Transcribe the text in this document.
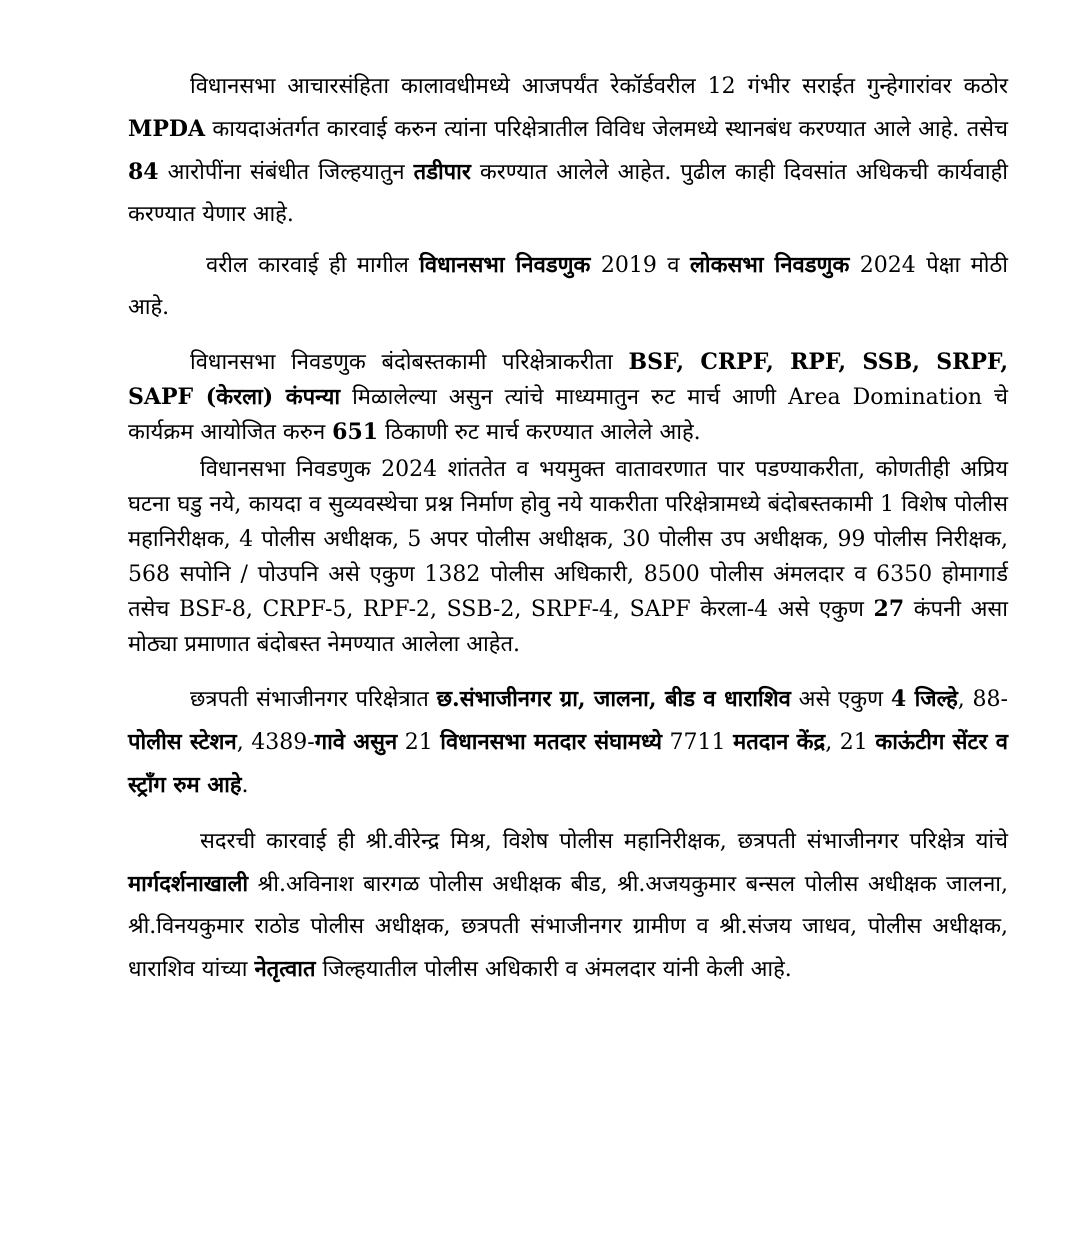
विधानसभा आचारसंहिता कालावधीमध्ये आजपर्यंत रेकॉर्डवरील 12 गंभीर सराईत गुन्हेगारांवर कठोर MPDA कायदाअंतर्गत कारवाई करुन त्यांना परिक्षेत्रातील विविध जेलमध्ये स्थानबंध करण्यात आले आहे. तसेच 84 आरोपींना संबंधीत जिल्हयातुन तडीपार करण्यात आलेले आहेत. पुढील काही दिवसांत अधिकची कार्यवाही करण्यात येणार आहे.

वरील कारवाई ही मागील विधानसभा निवडणुक 2019 व लोकसभा निवडणुक 2024 पेक्षा मोठी आहे.

विधानसभा निवडणुक बंदोबस्तकामी परिक्षेत्राकरीता BSF, CRPF, RPF, SSB, SRPF, SAPF (केरला) कंपन्या मिळालेल्या असुन त्यांचे माध्यमातुन रुट मार्च आणी Area Domination चे कार्यक्रम आयोजित करुन 651 ठिकाणी रुट मार्च करण्यात आलेले आहे.

विधानसभा निवडणुक 2024 शांततेत व भयमुक्त वातावरणात पार पडण्याकरीता, कोणतीही अप्रिय घटना घडु नये, कायदा व सुव्यवस्थेचा प्रश्न निर्माण होवु नये याकरीता परिक्षेत्रामध्ये बंदोबस्तकामी 1 विशेष पोलीस महानिरीक्षक, 4 पोलीस अधीक्षक, 5 अपर पोलीस अधीक्षक, 30 पोलीस उप अधीक्षक, 99 पोलीस निरीक्षक, 568 सपोनि / पोउपनि असे एकुण 1382 पोलीस अधिकारी, 8500 पोलीस अंमलदार व 6350 होमागार्ड तसेच BSF-8, CRPF-5, RPF-2, SSB-2, SRPF-4, SAPF केरला-4 असे एकुण 27 कंपनी असा मोठ्या प्रमाणात बंदोबस्त नेमण्यात आलेला आहेत.

छत्रपती संभाजीनगर परिक्षेत्रात छ.संभाजीनगर ग्रा, जालना, बीड व धाराशिव असे एकुण 4 जिल्हे, 88-पोलीस स्टेशन, 4389-गावे असुन 21 विधानसभा मतदार संघामध्ये 7711 मतदान केंद्र, 21 काऊंटीग सेंटर व स्ट्राँग रुम आहे.

सदरची कारवाई ही श्री.वीरेन्द्र मिश्र, विशेष पोलीस महानिरीक्षक, छत्रपती संभाजीनगर परिक्षेत्र यांचे मार्गदर्शनाखाली श्री.अविनाश बारगळ पोलीस अधीक्षक बीड, श्री.अजयकुमार बन्सल पोलीस अधीक्षक जालना, श्री.विनयकुमार राठोड पोलीस अधीक्षक, छत्रपती संभाजीनगर ग्रामीण व श्री.संजय जाधव, पोलीस अधीक्षक, धाराशिव यांच्या नेतृत्वात जिल्हयातील पोलीस अधिकारी व अंमलदार यांनी केली आहे.
